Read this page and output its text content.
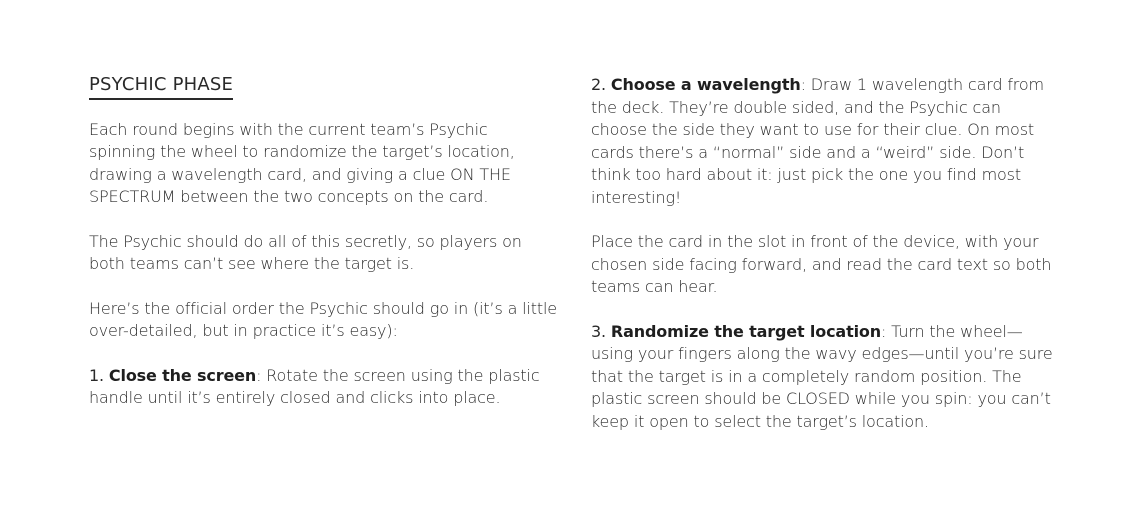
PSYCHIC PHASE

Each round begins with the current team’s Psychic spinning the wheel to randomize the target’s location, drawing a wavelength card, and giving a clue ON THE SPECTRUM between the two concepts on the card.

The Psychic should do all of this secretly, so players on both teams can’t see where the target is.

Here’s the official order the Psychic should go in (it’s a little over-detailed, but in practice it’s easy):

1. Close the screen: Rotate the screen using the plastic handle until it’s entirely closed and clicks into place.

2. Choose a wavelength: Draw 1 wavelength card from the deck. They’re double sided, and the Psychic can choose the side they want to use for their clue. On most cards there’s a “normal” side and a “weird” side. Don’t think too hard about it: just pick the one you find most interesting!

Place the card in the slot in front of the device, with your chosen side facing forward, and read the card text so both teams can hear.

3. Randomize the target location: Turn the wheel—using your fingers along the wavy edges—until you’re sure that the target is in a completely random position. The plastic screen should be CLOSED while you spin: you can’t keep it open to select the target’s location.
